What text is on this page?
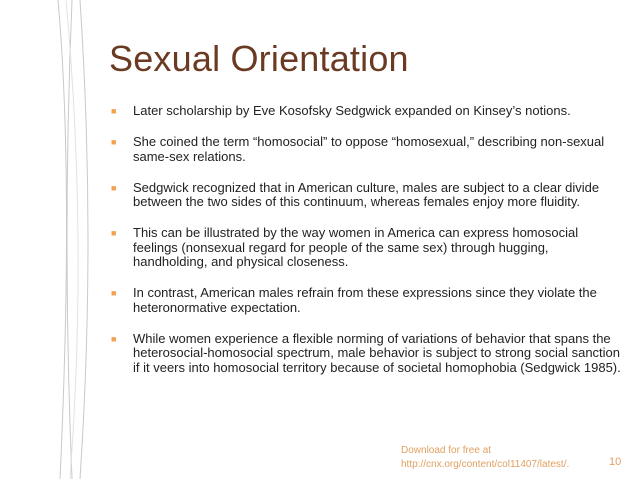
Sexual Orientation
■ Later scholarship by Eve Kosofsky Sedgwick expanded on Kinsey’s notions.
■ She coined the term “homosocial” to oppose “homosexual,” describing non-sexual same-sex relations.
■ Sedgwick recognized that in American culture, males are subject to a clear divide between the two sides of this continuum, whereas females enjoy more fluidity.
■ This can be illustrated by the way women in America can express homosocial feelings (nonsexual regard for people of the same sex) through hugging, handholding, and physical closeness.
■ In contrast, American males refrain from these expressions since they violate the heteronormative expectation.
■ While women experience a flexible norming of variations of behavior that spans the heterosocial-homosocial spectrum, male behavior is subject to strong social sanction if it veers into homosocial territory because of societal homophobia (Sedgwick 1985).
Download for free at
http://cnx.org/content/col11407/latest/.	10
